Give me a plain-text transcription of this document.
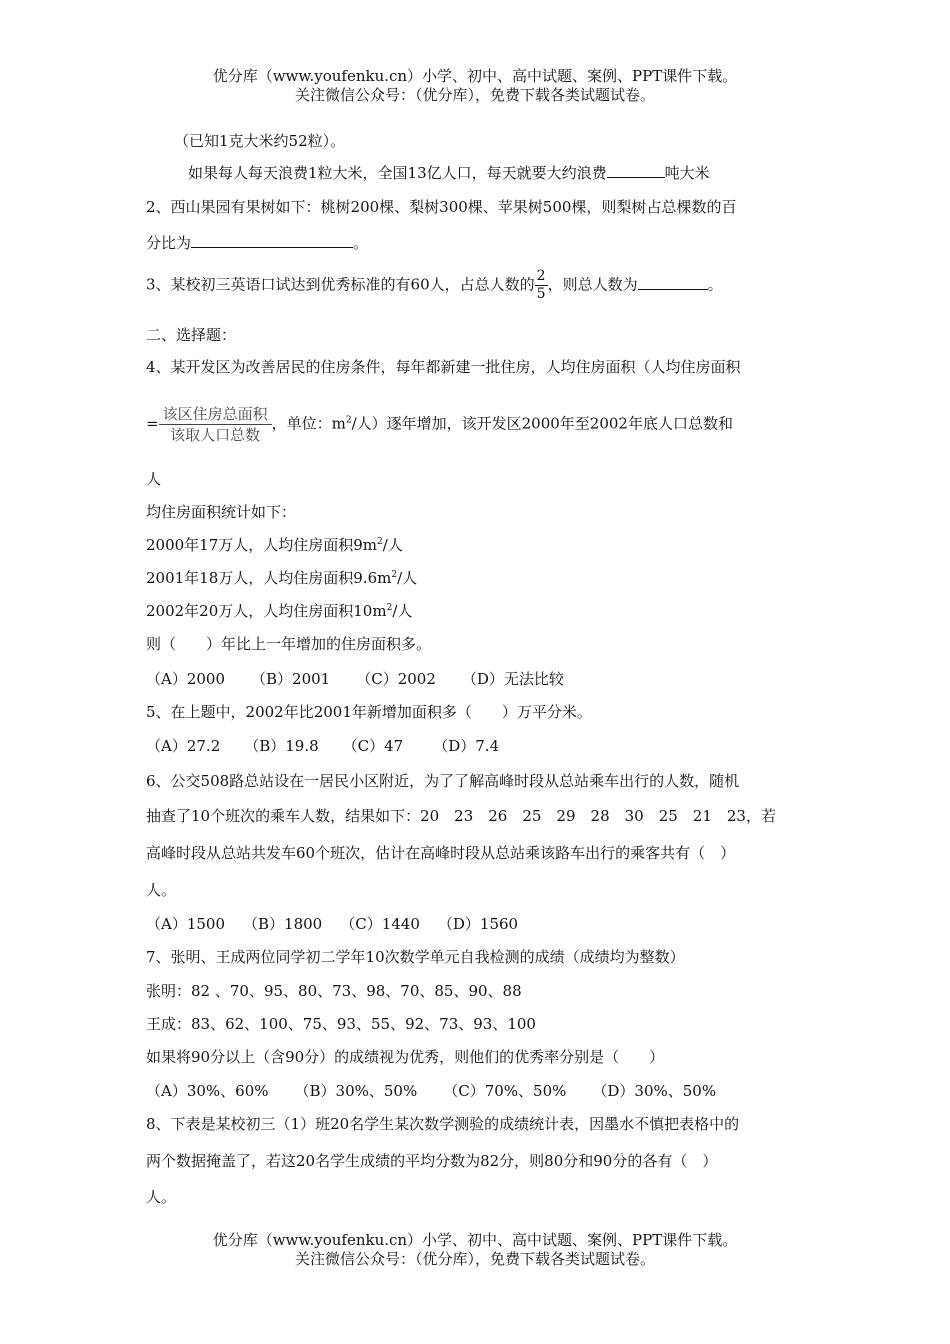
优分库（www.youfenku.cn）小学、初中、高中试题、案例、PPT课件下载。
关注微信公众号：（优分库），免费下载各类试题试卷。
（已知1克大米约52粒）。
如果每人每天浪费1粒大米，全国13亿人口，每天就要大约浪费	吨大米
2、西山果园有果树如下：桃树200棵、梨树300棵、苹果树500棵，则梨树占总棵数的百
分比为	。
3、某校初三英语口试达到优秀标准的有60人，占总人数的 $\frac{2}{5}$ ，则总人数为	。
二、选择题：
4、某开发区为改善居民的住房条件，每年都新建一批住房，人均住房面积（人均住房面积
= $\frac{\text{该区住房总面积}}{\text{该取人口总数}}$ ，单位：$m^2/$人）逐年增加，该开发区2000年至2002年底人口总数和
人
均住房面积统计如下：
2000年17万人，人均住房面积$9m^2/$人
2001年18万人，人均住房面积$9.6m^2/$人
2002年20万人，人均住房面积$10m^2/$人
则（　　）年比上一年增加的住房面积多。
（A）2000 （B）2001 （C）2002 （D）无法比较
5、在上题中，2002年比2001年新增加面积多（　　）万平分米。
（A）27.2 （B）19.8 （C）47 （D）7.4
6、公交508路总站设在一居民小区附近，为了了解高峰时段从总站乘车出行的人数，随机
抽查了10个班次的乘车人数，结果如下：20　23　26　25　29　28　30　25　21　23，若
高峰时段从总站共发车60个班次，估计在高峰时段从总站乘该路车出行的乘客共有（　）
人。
（A）1500 （B）1800 （C）1440 （D）1560
7、张明、王成两位同学初二学年10次数学单元自我检测的成绩（成绩均为整数）
张明：82 、70、95、80、73、98、70、85、90、88
王成：83、62、100、75、93、55、92、73、93、100
如果将90分以上（含90分）的成绩视为优秀，则他们的优秀率分别是（　　）
（A）30%、60% （B）30%、50% （C）70%、50% （D）30%、50%
8、下表是某校初三（1）班20名学生某次数学测验的成绩统计表，因墨水不慎把表格中的
两个数据掩盖了，若这20名学生成绩的平均分数为82分，则80分和90分的各有（　）
人。
优分库（www.youfenku.cn）小学、初中、高中试题、案例、PPT课件下载。
关注微信公众号：（优分库），免费下载各类试题试卷。
